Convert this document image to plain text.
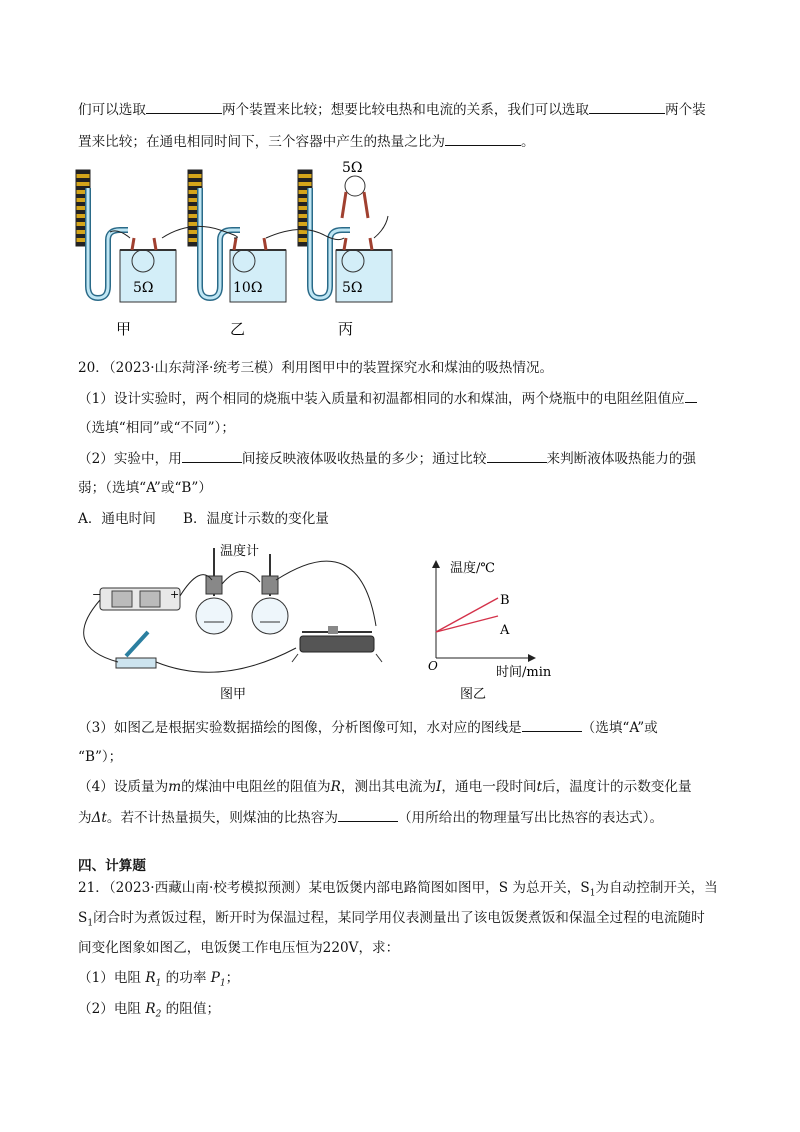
们可以选取	两个装置来比较；想要比较电热和电流的关系，我们可以选取	两个装
置来比较；在通电相同时间下，三个容器中产生的热量之比为	。
5Ω	10Ω	5Ω
5Ω
甲	乙	丙
20．（2023·山东菏泽·统考三模）利用图甲中的装置探究水和煤油的吸热情况。
（1）设计实验时，两个相同的烧瓶中装入质量和初温都相同的水和煤油，两个烧瓶中的电阻丝阻值应
（选填“相同”或“不同”）；
（2）实验中，用	间接反映液体吸收热量的多少；通过比较	来判断液体吸热能力的强
弱；（选填“A”或“B”）
A．通电时间　　B．温度计示数的变化量
−	+
温度计
图甲
温度/℃
时间/min
O
B
A
图乙
（3）如图乙是根据实验数据描绘的图像，分析图像可知，水对应的图线是	（选填“A”或
“B”）；
（4）设质量为m的煤油中电阻丝的阻值为R，测出其电流为I，通电一段时间t后，温度计的示数变化量
为Δt。若不计热量损失，则煤油的比热容为	（用所给出的物理量写出比热容的表达式）。
四、计算题
21．（2023·西藏山南·校考模拟预测）某电饭煲内部电路简图如图甲，S 为总开关，$S_1$为自动控制开关，当
$S_1$闭合时为煮饭过程，断开时为保温过程，某同学用仪表测量出了该电饭煲煮饭和保温全过程的电流随时
间变化图象如图乙，电饭煲工作电压恒为220V，求：
（1）电阻 $R_1$ 的功率 $P_1$；
（2）电阻 $R_2$ 的阻值；
